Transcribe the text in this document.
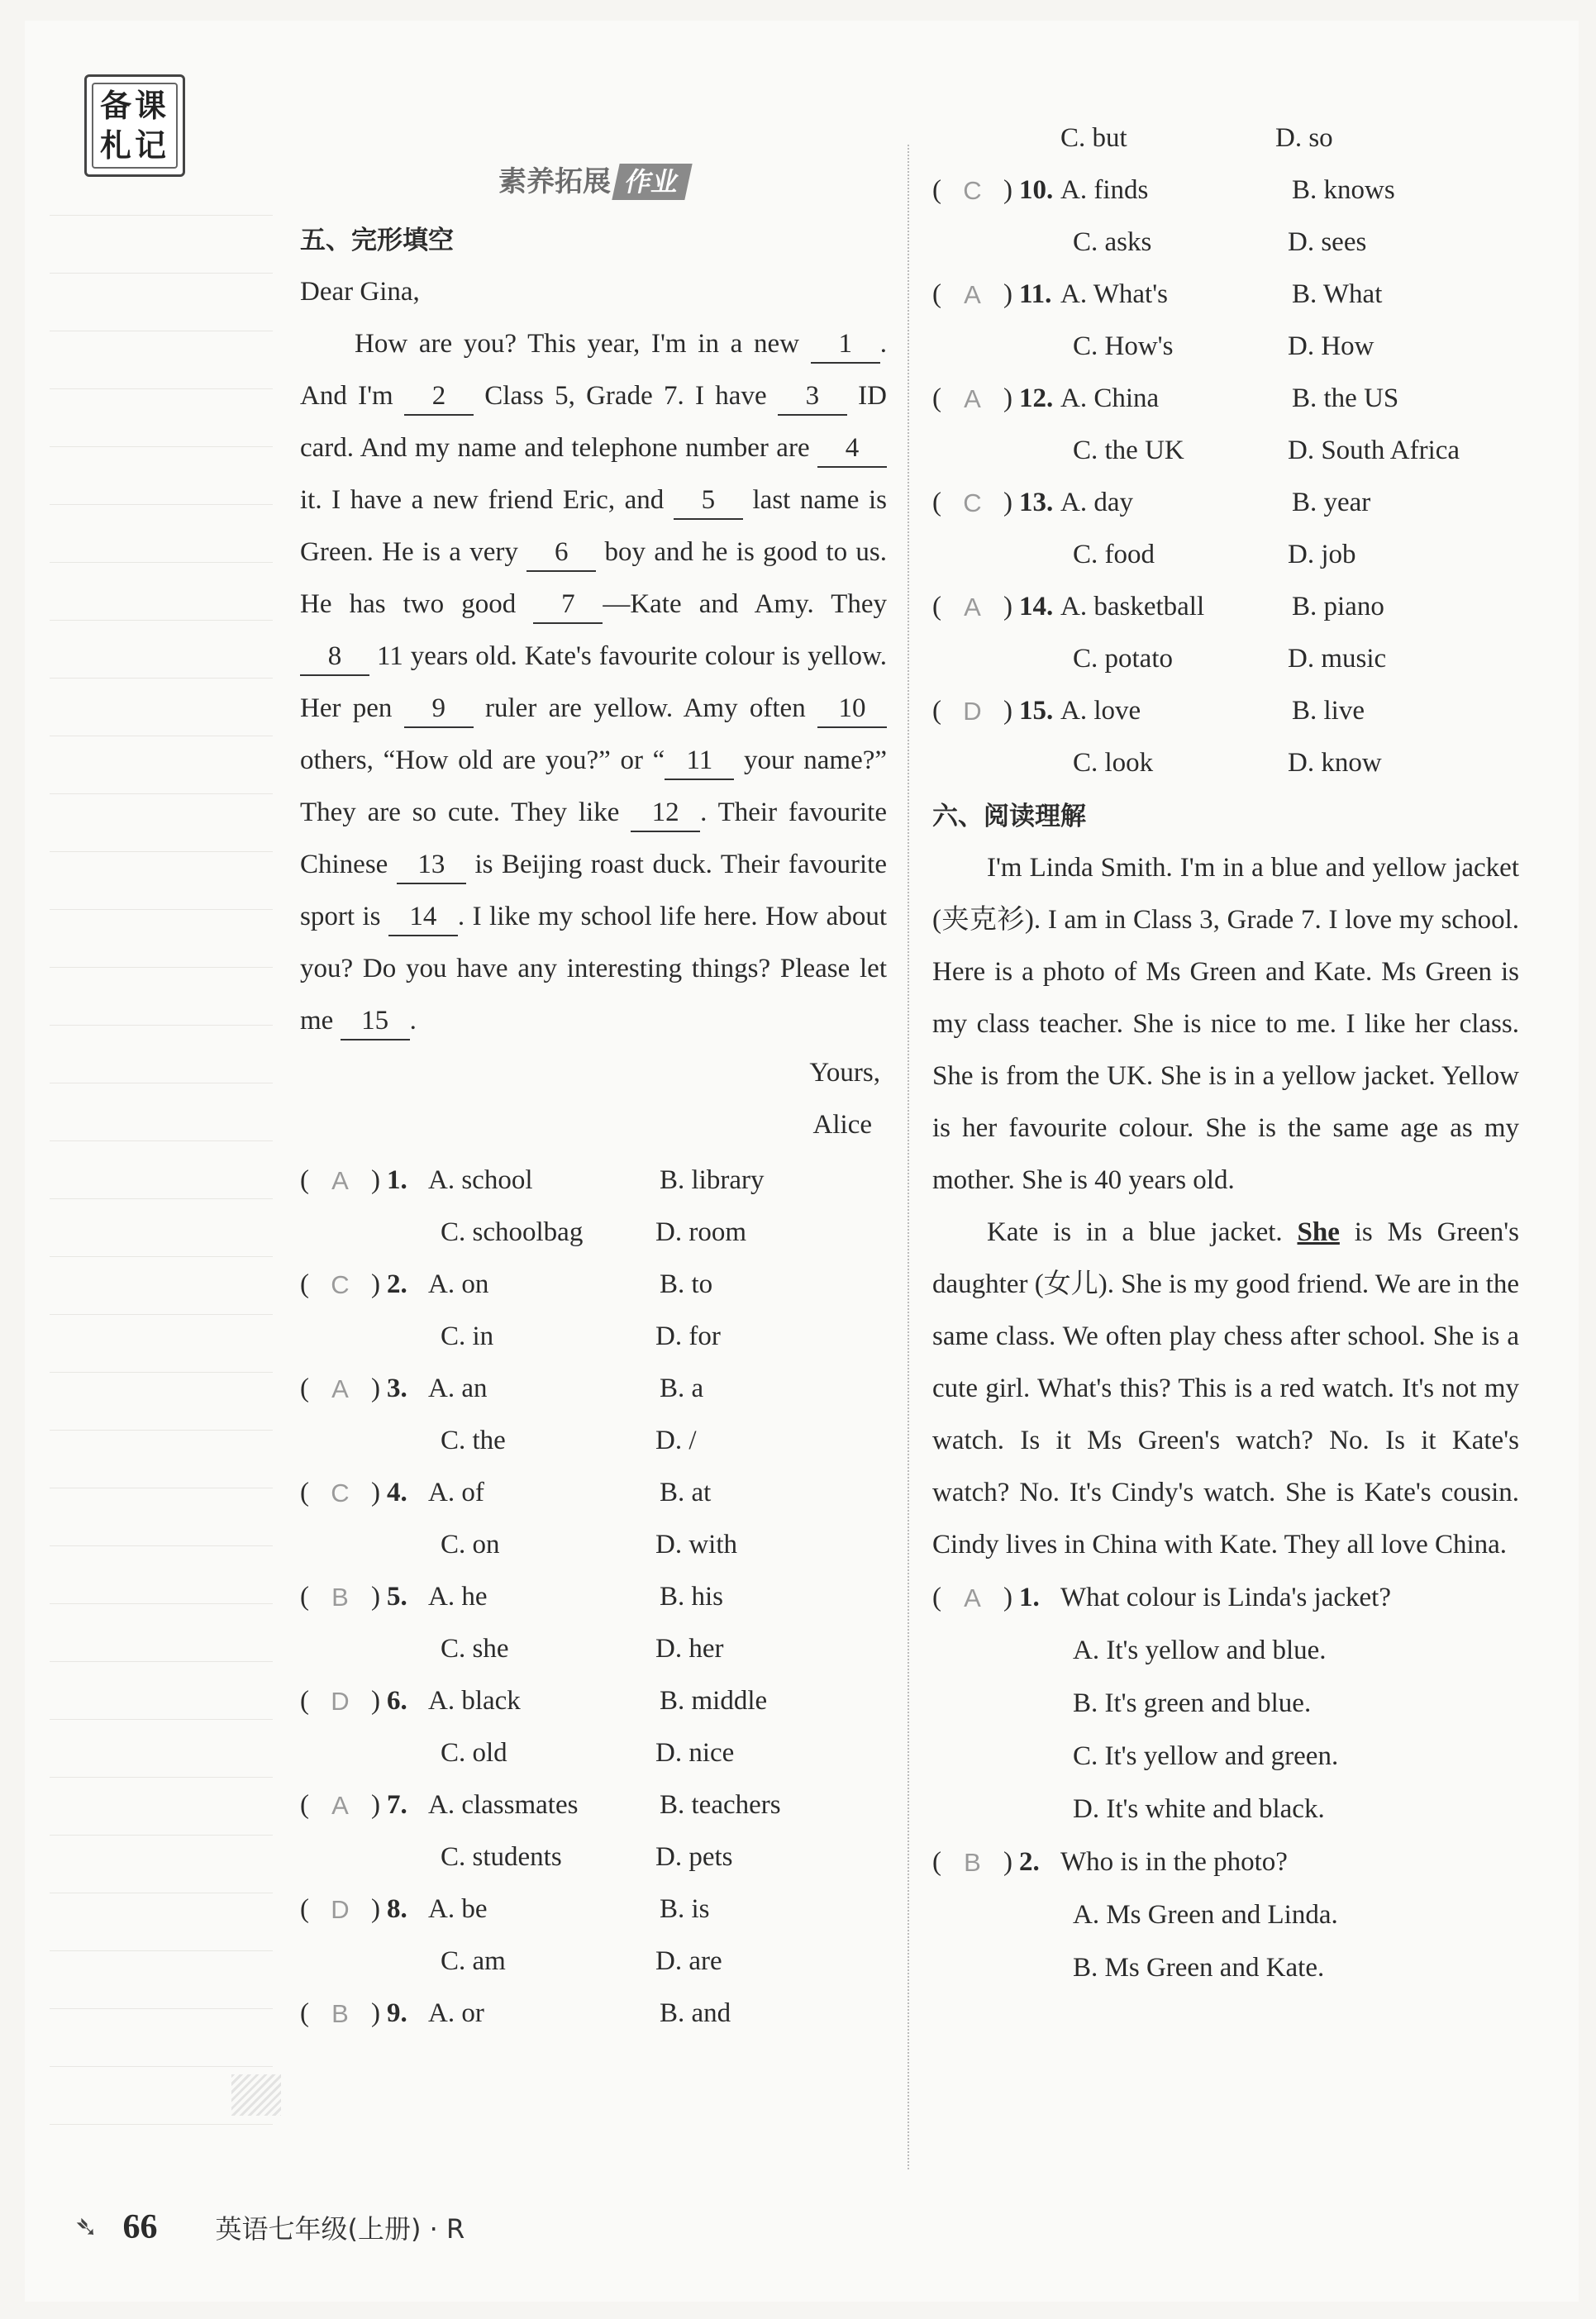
备课
札记
素养拓展 作业
五、完形填空
Dear Gina,

How are you? This year, I'm in a new 1 . And I'm 2 Class 5, Grade 7. I have 3 ID card. And my name and telephone number are 4 it. I have a new friend Eric, and 5 last name is Green. He is a very 6 boy and he is good to us. He has two good 7 —Kate and Amy. They 8 11 years old. Kate's favourite colour is yellow. Her pen 9 ruler are yellow. Amy often 10 others, “How old are you?” or “ 11 your name?” They are so cute. They like 12 . Their favourite Chinese 13 is Beijing roast duck. Their favourite sport is 14 . I like my school life here. How about you? Do you have any interesting things? Please let me 15 .

Yours,
Alice
( A ) 1. A. school	B. library
C. schoolbag	D. room
( C ) 2. A. on	B. to
C. in	D. for
( A ) 3. A. an	B. a
C. the	D. /
( C ) 4. A. of	B. at
C. on	D. with
( B ) 5. A. he	B. his
C. she	D. her
( D ) 6. A. black	B. middle
C. old	D. nice
( A ) 7. A. classmates	B. teachers
C. students	D. pets
( D ) 8. A. be	B. is
C. am	D. are
( B ) 9. A. or	B. and
C. but	D. so
( C ) 10. A. finds	B. knows
C. asks	D. sees
( A ) 11. A. What's	B. What
C. How's	D. How
( A ) 12. A. China	B. the US
C. the UK	D. South Africa
( C ) 13. A. day	B. year
C. food	D. job
( A ) 14. A. basketball	B. piano
C. potato	D. music
( D ) 15. A. love	B. live
C. look	D. know
六、阅读理解

I'm Linda Smith. I'm in a blue and yellow jacket (夹克衫). I am in Class 3, Grade 7. I love my school. Here is a photo of Ms Green and Kate. Ms Green is my class teacher. She is nice to me. I like her class. She is from the UK. She is in a yellow jacket. Yellow is her favourite colour. She is the same age as my mother. She is 40 years old.

Kate is in a blue jacket. She is Ms Green's daughter (女儿). She is my good friend. We are in the same class. We often play chess after school. She is a cute girl. What's this? This is a red watch. It's not my watch. Is it Ms Green's watch? No. Is it Kate's watch? No. It's Cindy's watch. She is Kate's cousin. Cindy lives in China with Kate. They all love China.

( A ) 1. What colour is Linda's jacket?
A. It's yellow and blue.
B. It's green and blue.
C. It's yellow and green.
D. It's white and black.
( B ) 2. Who is in the photo?
A. Ms Green and Linda.
B. Ms Green and Kate.
➴ 66 英语七年级(上册) · R
